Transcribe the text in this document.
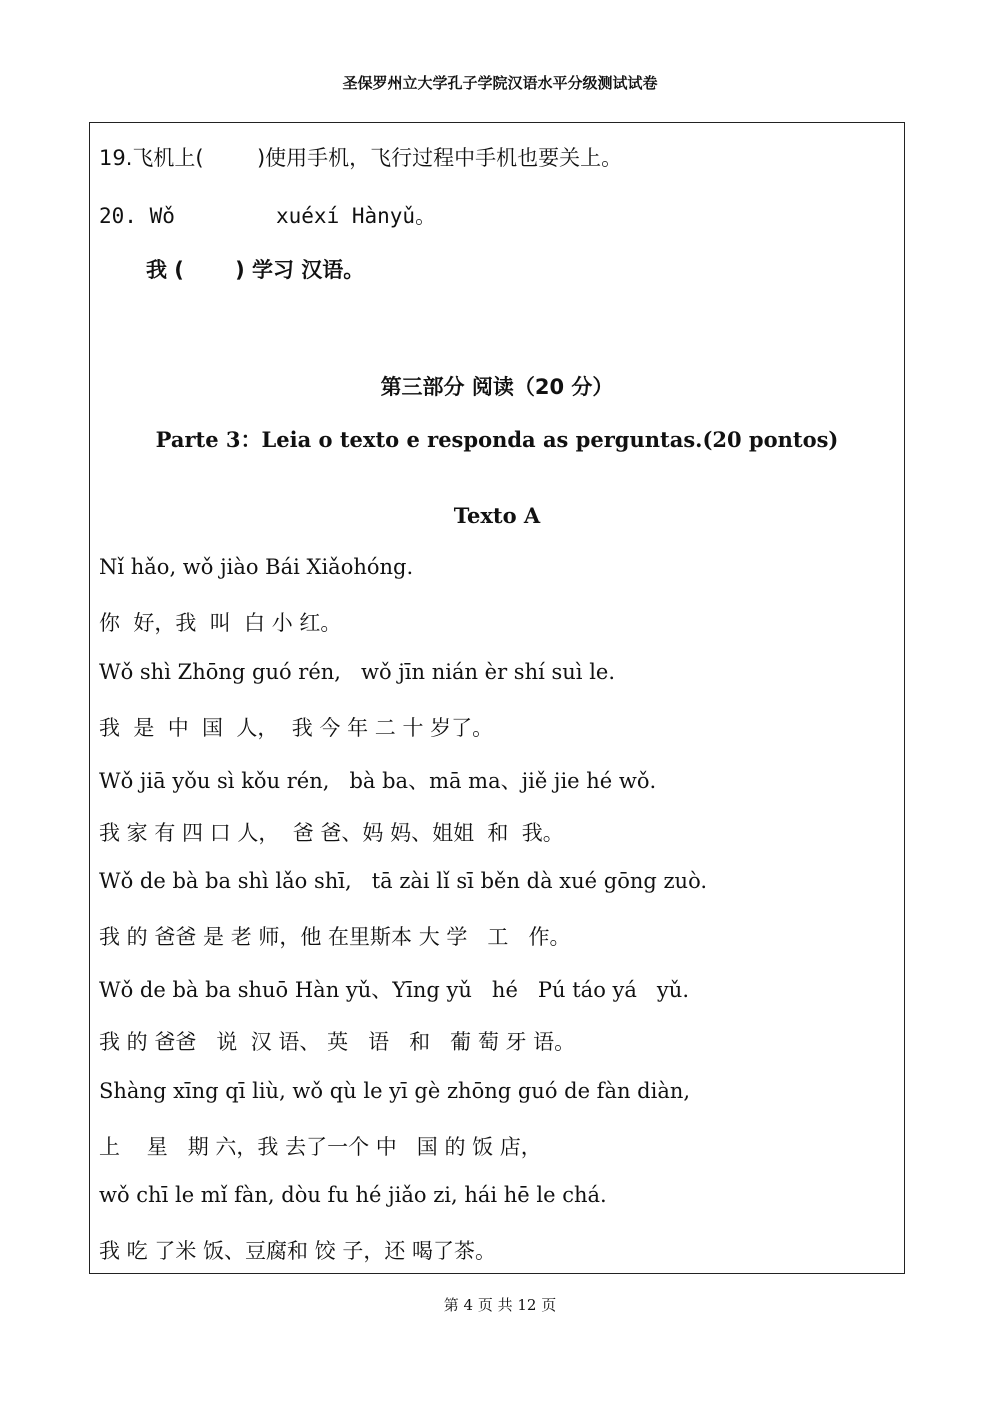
圣保罗州立大学孔子学院汉语水平分级测试试卷
19.飞机上(        )使用手机，飞行过程中手机也要关上。
20. Wǒ        xuéxí Hànyǔ。
我 (       ) 学习 汉语。
第三部分 阅读（20 分）
Parte 3：Leia o texto e responda as perguntas.(20 pontos)
Texto A
Nǐ hǎo, wǒ jiào Bái Xiǎohóng.
你  好，我  叫  白 小 红。
Wǒ shì Zhōng guó rén,   wǒ jīn nián èr shí suì le.
我  是  中  国  人，  我 今 年 二 十 岁了。
Wǒ jiā yǒu sì kǒu rén,   bà ba、mā ma、jiě jie hé wǒ.
我 家 有 四 口 人，  爸 爸、妈 妈、姐姐  和  我。
Wǒ de bà ba shì lǎo shī,   tā zài lǐ sī běn dà xué gōng zuò.
我 的 爸爸 是 老 师，他 在里斯本 大 学   工   作。
Wǒ de bà ba shuō Hàn yǔ、Yīng yǔ   hé   Pú táo yá   yǔ.
我 的 爸爸   说  汉 语、 英   语   和   葡 萄 牙 语。
Shàng xīng qī liù, wǒ qù le yī gè zhōng guó de fàn diàn,
上    星   期 六，我 去了一个 中   国 的 饭 店，
wǒ chī le mǐ fàn, dòu fu hé jiǎo zi, hái hē le chá.
我 吃 了米 饭、豆腐和 饺 子，还 喝了茶。
第 4 页 共 12 页
